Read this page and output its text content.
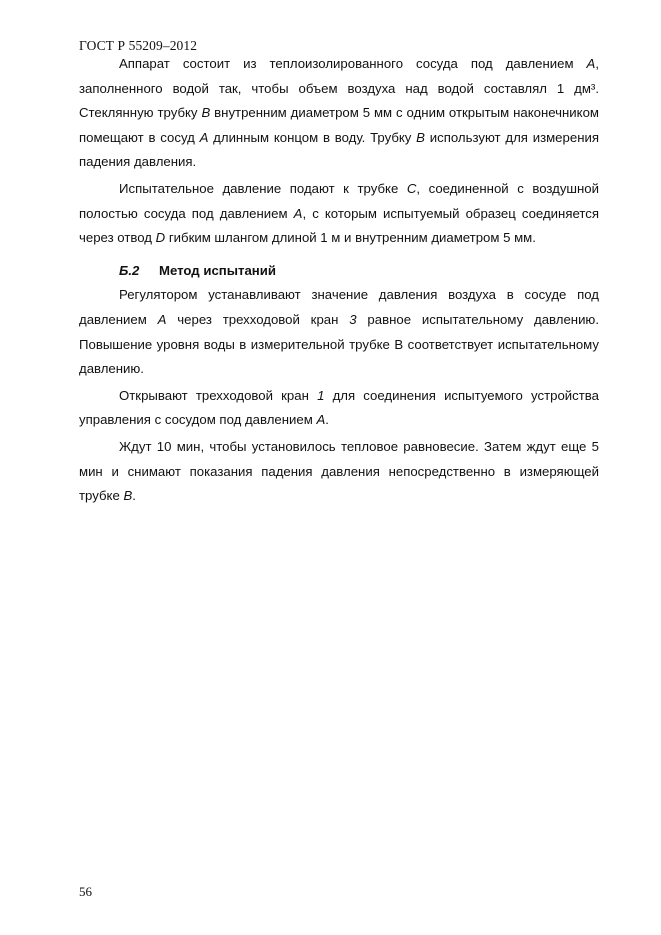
ГОСТ Р 55209–2012

Аппарат состоит из теплоизолированного сосуда под давлением A, заполненного водой так, чтобы объем воздуха над водой составлял 1 дм³. Стеклянную трубку B внутренним диаметром 5 мм с одним открытым наконечником помещают в сосуд A длинным концом в воду. Трубку B используют для измерения падения давления.

Испытательное давление подают к трубке C, соединенной с воздушной полостью сосуда под давлением A, с которым испытуемый образец соединяется через отвод D гибким шлангом длиной 1 м и внутренним диаметром 5 мм.

Б.2 Метод испытаний

Регулятором устанавливают значение давления воздуха в сосуде под давлением A через трехходовой кран 3 равное испытательному давлению. Повышение уровня воды в измерительной трубке В соответствует испытательному давлению.

Открывают трехходовой кран 1 для соединения испытуемого устройства управления с сосудом под давлением A.

Ждут 10 мин, чтобы установилось тепловое равновесие. Затем ждут еще 5 мин и снимают показания падения давления непосредственно в измеряющей трубке B.

56
